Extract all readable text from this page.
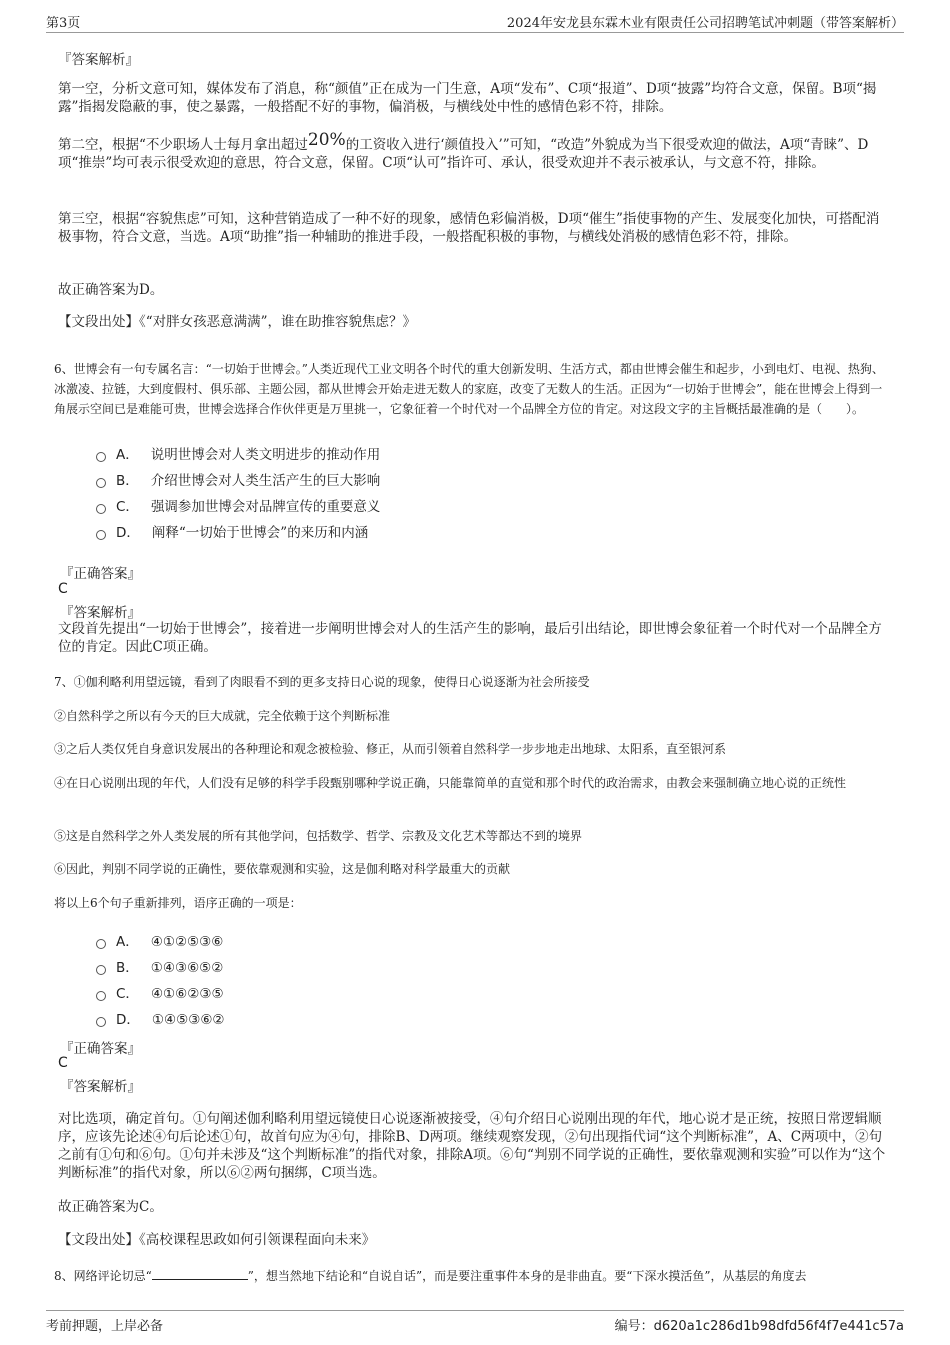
第3页	2024年安龙县东霖木业有限责任公司招聘笔试冲刺题（带答案解析）
『答案解析』
第一空，分析文意可知，媒体发布了消息，称“颜值”正在成为一门生意，A项“发布”、C项“报道”、D项“披露”均符合文意，保留。B项“揭露”指揭发隐蔽的事，使之暴露，一般搭配不好的事物，偏消极，与横线处中性的感情色彩不符，排除。
第二空，根据“不少职场人士每月拿出超过20%的工资收入进行‘颜值投入’”可知，“改造”外貌成为当下很受欢迎的做法，A项“青睐”、D项“推崇”均可表示很受欢迎的意思，符合文意，保留。C项“认可”指许可、承认，很受欢迎并不表示被承认，与文意不符，排除。
第三空，根据“容貌焦虑”可知，这种营销造成了一种不好的现象，感情色彩偏消极，D项“催生”指使事物的产生、发展变化加快，可搭配消极事物，符合文意，当选。A项“助推”指一种辅助的推进手段，一般搭配积极的事物，与横线处消极的感情色彩不符，排除。
故正确答案为D。
【文段出处】《“对胖女孩恶意满满”，谁在助推容貌焦虑？》
6、世博会有一句专属名言：“一切始于世博会。”人类近现代工业文明各个时代的重大创新发明、生活方式，都由世博会催生和起步，小到电灯、电视、热狗、冰激凌、拉链，大到度假村、俱乐部、主题公园，都从世博会开始走进无数人的家庭，改变了无数人的生活。正因为“一切始于世博会”，能在世博会上得到一角展示空间已是难能可贵，世博会选择合作伙伴更是万里挑一，它象征着一个时代对一个品牌全方位的肯定。对这段文字的主旨概括最准确的是（　　）。
A． 说明世博会对人类文明进步的推动作用
B． 介绍世博会对人类生活产生的巨大影响
C． 强调参加世博会对品牌宣传的重要意义
D． 阐释“一切始于世博会”的来历和内涵
『正确答案』
C
『答案解析』
文段首先提出“一切始于世博会”，接着进一步阐明世博会对人的生活产生的影响，最后引出结论，即世博会象征着一个时代对一个品牌全方位的肯定。因此C项正确。
7、①伽利略利用望远镜，看到了肉眼看不到的更多支持日心说的现象，使得日心说逐渐为社会所接受
②自然科学之所以有今天的巨大成就，完全依赖于这个判断标准
③之后人类仅凭自身意识发展出的各种理论和观念被检验、修正，从而引领着自然科学一步步地走出地球、太阳系，直至银河系
④在日心说刚出现的年代，人们没有足够的科学手段甄别哪种学说正确，只能靠简单的直觉和那个时代的政治需求，由教会来强制确立地心说的正统性
⑤这是自然科学之外人类发展的所有其他学问，包括数学、哲学、宗教及文化艺术等都达不到的境界
⑥因此，判别不同学说的正确性，要依靠观测和实验，这是伽利略对科学最重大的贡献
将以上6个句子重新排列，语序正确的一项是：
A． ④①②⑤③⑥
B． ①④③⑥⑤②
C． ④①⑥②③⑤
D． ①④⑤③⑥②
『正确答案』
C
『答案解析』
对比选项，确定首句。①句阐述伽利略利用望远镜使日心说逐渐被接受，④句介绍日心说刚出现的年代，地心说才是正统，按照日常逻辑顺序，应该先论述④句后论述①句，故首句应为④句，排除B、D两项。继续观察发现，②句出现指代词“这个判断标准”，A、C两项中，②句之前有①句和⑥句。①句并未涉及“这个判断标准”的指代对象，排除A项。⑥句“判别不同学说的正确性，要依靠观测和实验”可以作为“这个判断标准”的指代对象，所以⑥②两句捆绑，C项当选。
故正确答案为C。
【文段出处】《高校课程思政如何引领课程面向未来》
8、网络评论切忌“	”，想当然地下结论和“自说自话”，而是要注重事件本身的是非曲直。要“下深水摸活鱼”，从基层的角度去
考前押题，上岸必备	编号：d620a1c286d1b98dfd56f4f7e441c57a
